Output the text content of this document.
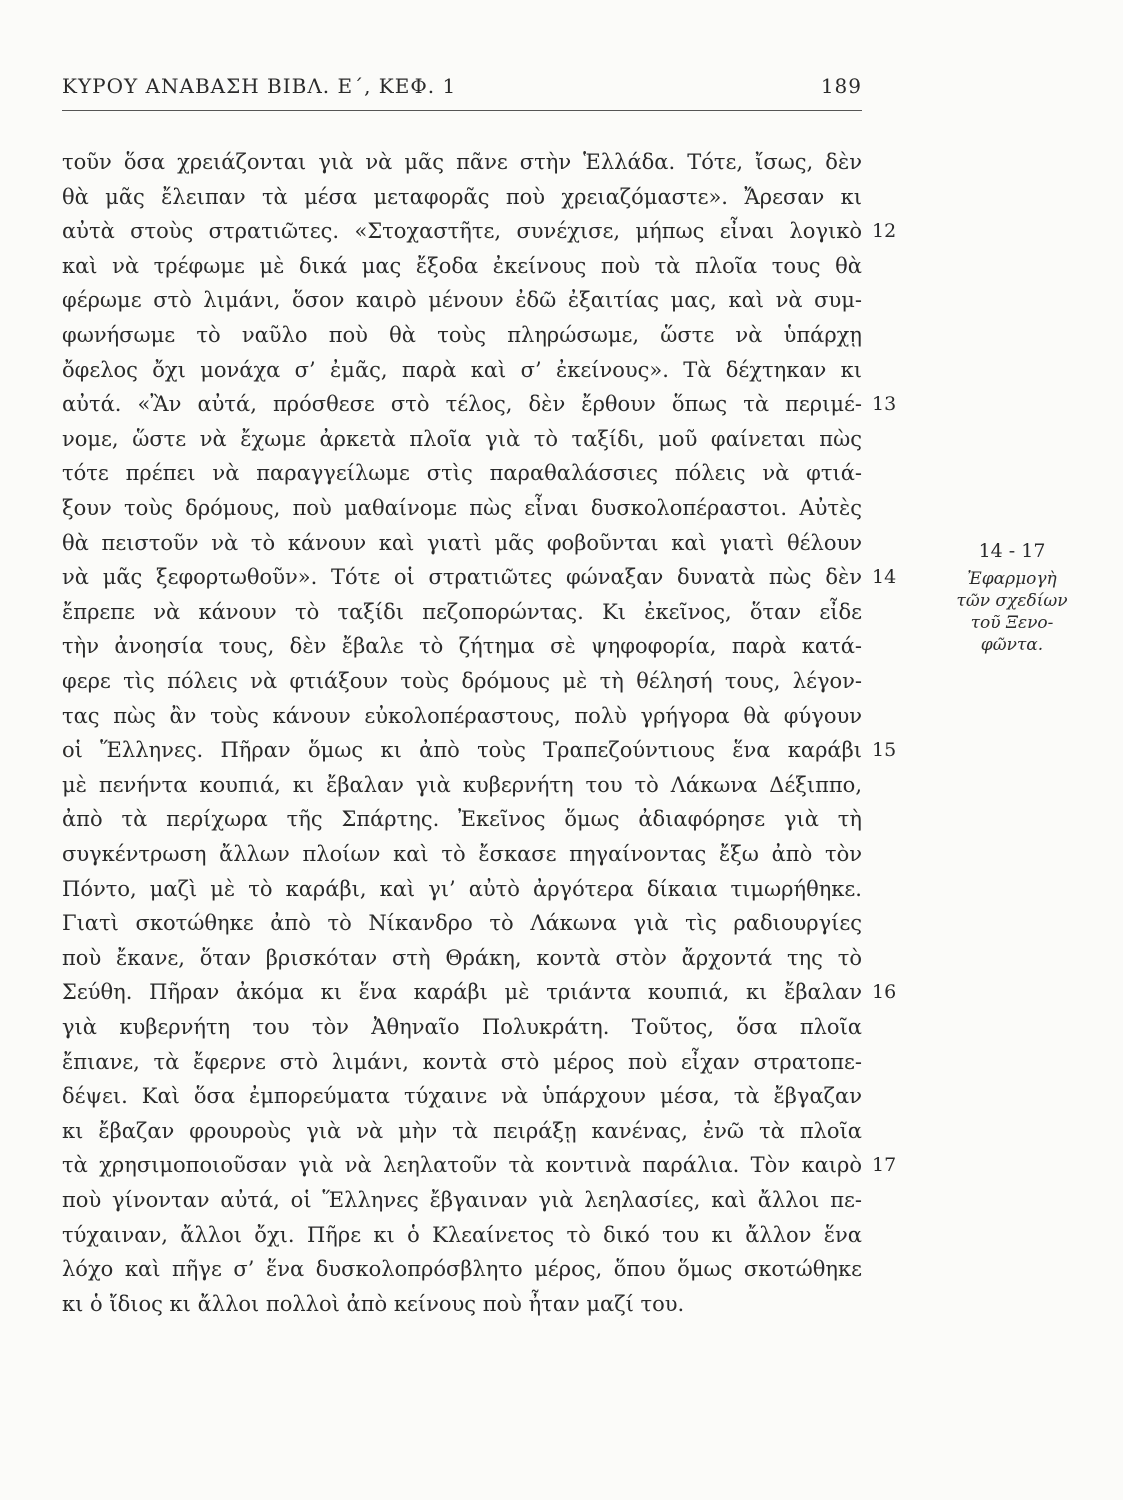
ΚΥΡΟΥ ΑΝΑΒΑΣΗ ΒΙΒΛ. Ε΄, ΚΕΦ. 1	189
τοῦν ὅσα χρειάζονται γιὰ νὰ μᾶς πᾶνε στὴν Ἑλλάδα. Τότε, ἴσως, δὲν
θὰ μᾶς ἔλειπαν τὰ μέσα μεταφορᾶς ποὺ χρειαζόμαστε». Ἄρεσαν κι
αὐτὰ στοὺς στρατιῶτες. «Στοχαστῆτε, συνέχισε, μήπως εἶναι λογικὸ
καὶ νὰ τρέφωμε μὲ δικά μας ἔξοδα ἐκείνους ποὺ τὰ πλοῖα τους θὰ
φέρωμε στὸ λιμάνι, ὅσον καιρὸ μένουν ἐδῶ ἐξαιτίας μας, καὶ νὰ συμ-
φωνήσωμε τὸ ναῦλο ποὺ θὰ τοὺς πληρώσωμε, ὥστε νὰ ὑπάρχῃ
ὄφελος ὄχι μονάχα σ’ ἐμᾶς, παρὰ καὶ σ’ ἐκείνους». Τὰ δέχτηκαν κι
αὐτά. «Ἂν αὐτά, πρόσθεσε στὸ τέλος, δὲν ἔρθουν ὅπως τὰ περιμέ-
νομε, ὥστε νὰ ἔχωμε ἀρκετὰ πλοῖα γιὰ τὸ ταξίδι, μοῦ φαίνεται πὼς
τότε πρέπει νὰ παραγγείλωμε στὶς παραθαλάσσιες πόλεις νὰ φτιά-
ξουν τοὺς δρόμους, ποὺ μαθαίνομε πὼς εἶναι δυσκολοπέραστοι. Αὐτὲς
θὰ πειστοῦν νὰ τὸ κάνουν καὶ γιατὶ μᾶς φοβοῦνται καὶ γιατὶ θέλουν
νὰ μᾶς ξεφορτωθοῦν». Τότε οἱ στρατιῶτες φώναξαν δυνατὰ πὼς δὲν
ἔπρεπε νὰ κάνουν τὸ ταξίδι πεζοπορώντας. Κι ἐκεῖνος, ὅταν εἶδε
τὴν ἀνοησία τους, δὲν ἔβαλε τὸ ζήτημα σὲ ψηφοφορία, παρὰ κατά-
φερε τὶς πόλεις νὰ φτιάξουν τοὺς δρόμους μὲ τὴ θέλησή τους, λέγον-
τας πὼς ἂν τοὺς κάνουν εὐκολοπέραστους, πολὺ γρήγορα θὰ φύγουν
οἱ Ἕλληνες. Πῆραν ὅμως κι ἀπὸ τοὺς Τραπεζούντιους ἕνα καράβι
μὲ πενήντα κουπιά, κι ἔβαλαν γιὰ κυβερνήτη του τὸ Λάκωνα Δέξιππο,
ἀπὸ τὰ περίχωρα τῆς Σπάρτης. Ἐκεῖνος ὅμως ἀδιαφόρησε γιὰ τὴ
συγκέντρωση ἄλλων πλοίων καὶ τὸ ἔσκασε πηγαίνοντας ἔξω ἀπὸ τὸν
Πόντο, μαζὶ μὲ τὸ καράβι, καὶ γι’ αὐτὸ ἀργότερα δίκαια τιμωρήθηκε.
Γιατὶ σκοτώθηκε ἀπὸ τὸ Νίκανδρο τὸ Λάκωνα γιὰ τὶς ραδιουργίες
ποὺ ἔκανε, ὅταν βρισκόταν στὴ Θράκη, κοντὰ στὸν ἄρχοντά της τὸ
Σεύθη. Πῆραν ἀκόμα κι ἕνα καράβι μὲ τριάντα κουπιά, κι ἔβαλαν
γιὰ κυβερνήτη του τὸν Ἀθηναῖο Πολυκράτη. Τοῦτος, ὅσα πλοῖα
ἔπιανε, τὰ ἔφερνε στὸ λιμάνι, κοντὰ στὸ μέρος ποὺ εἶχαν στρατοπε-
δέψει. Καὶ ὅσα ἐμπορεύματα τύχαινε νὰ ὑπάρχουν μέσα, τὰ ἔβγαζαν
κι ἔβαζαν φρουροὺς γιὰ νὰ μὴν τὰ πειράξῃ κανένας, ἐνῶ τὰ πλοῖα
τὰ χρησιμοποιοῦσαν γιὰ νὰ λεηλατοῦν τὰ κοντινὰ παράλια. Τὸν καιρὸ
ποὺ γίνονταν αὐτά, οἱ Ἕλληνες ἔβγαιναν γιὰ λεηλασίες, καὶ ἄλλοι πε-
τύχαιναν, ἄλλοι ὄχι. Πῆρε κι ὁ Κλεαίνετος τὸ δικό του κι ἄλλον ἕνα
λόχο καὶ πῆγε σ’ ἕνα δυσκολοπρόσβλητο μέρος, ὅπου ὅμως σκοτώθηκε
κι ὁ ἴδιος κι ἄλλοι πολλοὶ ἀπὸ κείνους ποὺ ἦταν μαζί του.
12
13
14
15
16
17
14 - 17
Ἐφαρμογὴ
τῶν σχεδίων
τοῦ Ξενο-
φῶντα.
